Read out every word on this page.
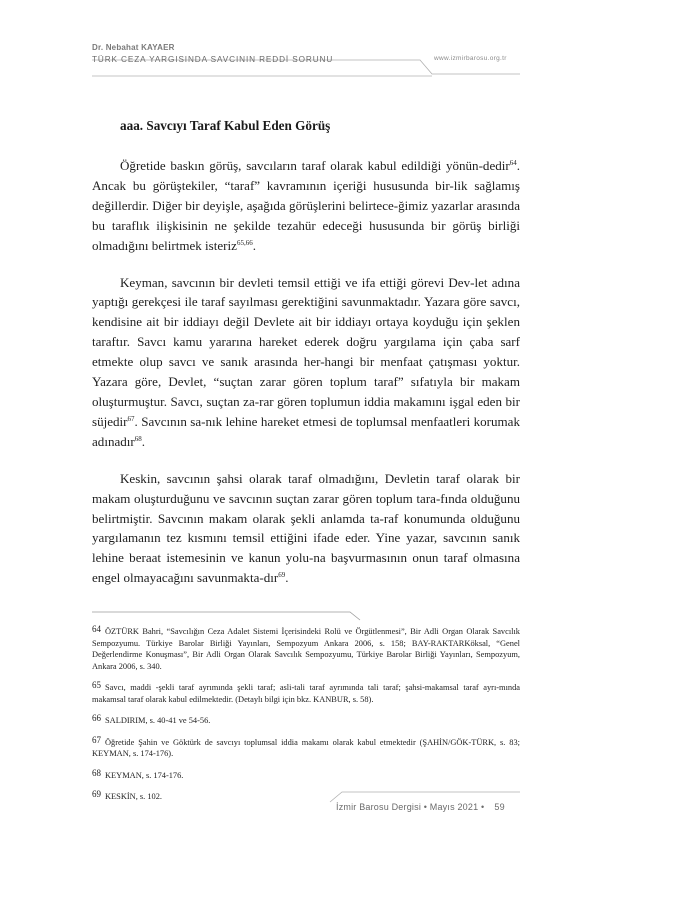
Dr. Nebahat KAYAER
TÜRK CEZA YARGISINDA SAVCININ REDDİ SORUNU	www.izmirbarosu.org.tr
aaa. Savcıyı Taraf Kabul Eden Görüş

Öğretide baskın görüş, savcıların taraf olarak kabul edildiği yönün-dedir$^{64}$. Ancak bu görüştekiler, “taraf” kavramının içeriği hususunda bir-lik sağlamış değillerdir. Diğer bir deyişle, aşağıda görüşlerini belirtece-ğimiz yazarlar arasında bu taraflık ilişkisinin ne şekilde tezahür edeceği hususunda bir görüş birliği olmadığını belirtmek isteriz$^{65,66}$.

Keyman, savcının bir devleti temsil ettiği ve ifa ettiği görevi Dev-let adına yaptığı gerekçesi ile taraf sayılması gerektiğini savunmaktadır. Yazara göre savcı, kendisine ait bir iddiayı değil Devlete ait bir iddiayı ortaya koyduğu için şeklen taraftır. Savcı kamu yararına hareket ederek doğru yargılama için çaba sarf etmekte olup savcı ve sanık arasında her-hangi bir menfaat çatışması yoktur. Yazara göre, Devlet, “suçtan zarar gören toplum taraf” sıfatıyla bir makam oluşturmuştur. Savcı, suçtan za-rar gören toplumun iddia makamını işgal eden bir süjedir$^{67}$. Savcının sa-nık lehine hareket etmesi de toplumsal menfaatleri korumak adınadır$^{68}$.

Keskin, savcının şahsi olarak taraf olmadığını, Devletin taraf olarak bir makam oluşturduğunu ve savcının suçtan zarar gören toplum tara-fında olduğunu belirtmiştir. Savcının makam olarak şekli anlamda ta-raf konumunda olduğunu yargılamanın tez kısmını temsil ettiğini ifade eder. Yine yazar, savcının sanık lehine beraat istemesinin ve kanun yolu-na başvurmasının onun taraf olmasına engel olmayacağını savunmakta-dır$^{69}$.

64 ÖZTÜRK Bahri, “Savcılığın Ceza Adalet Sistemi İçerisindeki Rolü ve Örgütlenmesi”, Bir Adli Organ Olarak Savcılık Sempozyumu. Türkiye Barolar Birliği Yayınları, Sempozyum Ankara 2006, s. 158; BAY-RAKTARKöksal, “Genel Değerlendirme Konuşması”, Bir Adli Organ Olarak Savcılık Sempozyumu, Türkiye Barolar Birliği Yayınları, Sempozyum, Ankara 2006, s. 340.

65 Savcı, maddi -şekli taraf ayrımında şekli taraf; asli-tali taraf ayrımında tali taraf; şahsi-makamsal taraf ayrı-mında makamsal taraf olarak kabul edilmektedir. (Detaylı bilgi için bkz. KANBUR, s. 58).

66 SALDIRIM, s. 40-41 ve 54-56.

67 Öğretide Şahin ve Göktürk de savcıyı toplumsal iddia makamı olarak kabul etmektedir (ŞAHİN/GÖK-TÜRK, s. 83; KEYMAN, s. 174-176).

68 KEYMAN, s. 174-176.

69 KESKİN, s. 102.

İzmir Barosu Dergisi • Mayıs 2021 • 59
